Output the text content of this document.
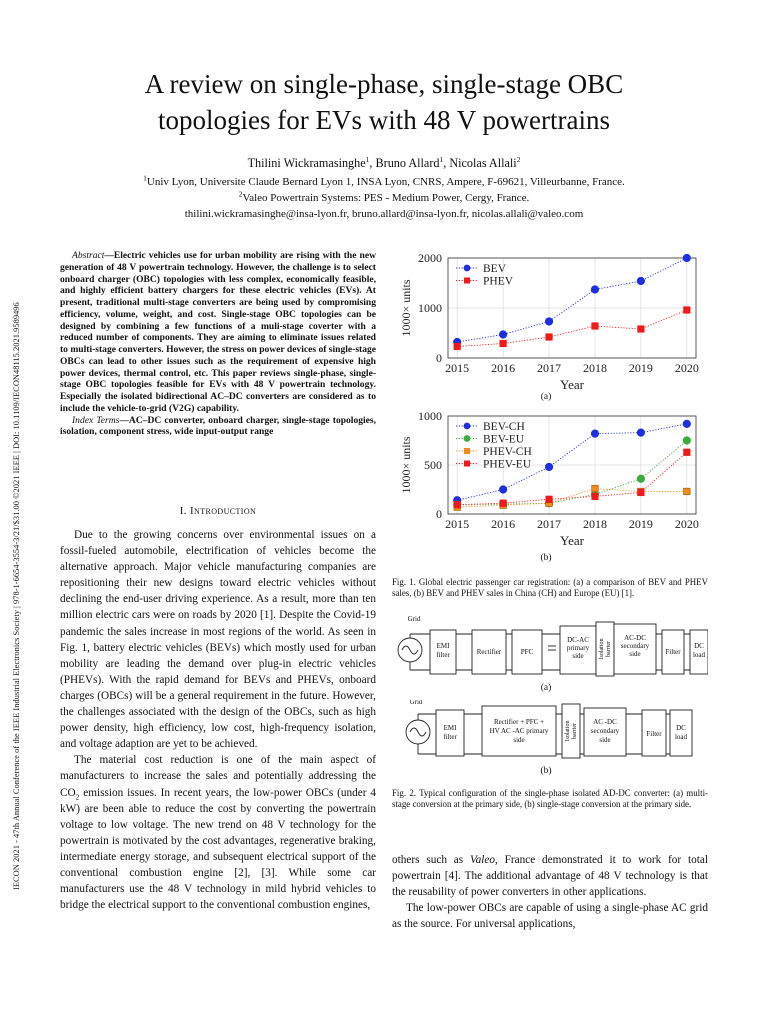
IECON 2021 - 47th Annual Conference of the IEEE Industrial Electronics Society | 978-1-6654-3554-3/21/$31.00 ©2021 IEEE | DOI: 10.1109/IECON48115.2021.9589496
A review on single-phase, single-stage OBC
topologies for EVs with 48 V powertrains
Thilini Wickramasinghe$^1$, Bruno Allard$^1$, Nicolas Allali$^2$
$^1$Univ Lyon, Universite Claude Bernard Lyon 1, INSA Lyon, CNRS, Ampere, F-69621, Villeurbanne, France.
$^2$Valeo Powertrain Systems: PES - Medium Power, Cergy, France.
thilini.wickramasinghe@insa-lyon.fr, bruno.allard@insa-lyon.fr, nicolas.allali@valeo.com

Abstract—Electric vehicles use for urban mobility are rising with the new generation of 48 V powertrain technology. However, the challenge is to select onboard charger (OBC) topologies with less complex, economically feasible, and highly efficient battery chargers for these electric vehicles (EVs). At present, traditional multi-stage converters are being used by compromising efficiency, volume, weight, and cost. Single-stage OBC topologies can be designed by combining a few functions of a muli-stage coverter with a reduced number of components. They are aiming to eliminate issues related to multi-stage converters. However, the stress on power devices of single-stage OBCs can lead to other issues such as the requirement of expensive high power devices, thermal control, etc. This paper reviews single-phase, single-stage OBC topologies feasible for EVs with 48 V powertrain technology. Especially the isolated bidirectional AC–DC converters are considered as to include the vehicle-to-grid (V2G) capability.

Index Terms—AC–DC converter, onboard charger, single-stage topologies, isolation, component stress, wide input-output range

I. Introduction

Due to the growing concerns over environmental issues on a fossil-fueled automobile, electrification of vehicles become the alternative approach. Major vehicle manufacturing companies are repositioning their new designs toward electric vehicles without declining the end-user driving experience. As a result, more than ten million electric cars were on roads by 2020 [1]. Despite the Covid-19 pandemic the sales increase in most regions of the world. As seen in Fig. 1, battery electric vehicles (BEVs) which mostly used for urban mobility are leading the demand over plug-in electric vehicles (PHEVs). With the rapid demand for BEVs and PHEVs, onboard charges (OBCs) will be a general requirement in the future. However, the challenges associated with the design of the OBCs, such as high power density, high efficiency, low cost, high-frequency isolation, and voltage adaption are yet to be achieved.

The material cost reduction is one of the main aspect of manufacturers to increase the sales and potentially addressing the $CO_2$ emission issues. In recent years, the low-power OBCs (under 4 kW) are been able to reduce the cost by converting the powertrain voltage to low voltage. The new trend on 48 V technology for the powertrain is motivated by the cost advantages, regenerative braking, intermediate energy storage, and subsequent electrical support of the conventional combustion engine [2], [3]. While some car manufacturers use the 48 V technology in mild hybrid vehicles to bridge the electrical support to the conventional combustion engines,

2015 2016 2017 2018 2019 2020
0
1000
2000
Year
1000× units
BEV
PHEV
(a)
2015 2016 2017 2018 2019 2020
0
500
1000
Year
1000× units
BEV-CH
BEV-EU
PHEV-CH
PHEV-EU
(b)
Fig. 1. Global electric passenger car registration: (a) a comparison of BEV and PHEV sales, (b) BEV and PHEV sales in China (CH) and Europe (EU) [1].
Grid
EMI
filter	Rectifier	PFC
DC-AC
primary
side
AC-DC
secondary
side	Filter
DC
load
Isolation barrier
(a)
Grid
EMI
filter
Rectifier + PFC +
HV AC -AC primary
side
AC -DC
secondary
side
Filter
DC
load
Isolation barrier
(b)
Fig. 2. Typical configuration of the single-phase isolated AD-DC converter: (a) multi-stage conversion at the primary side, (b) single-stage conversion at the primary side.

others such as Valeo, France demonstrated it to work for total powertrain [4]. The additional advantage of 48 V technology is that the reusability of power converters in other applications.

The low-power OBCs are capable of using a single-phase AC grid as the source. For universal applications,
